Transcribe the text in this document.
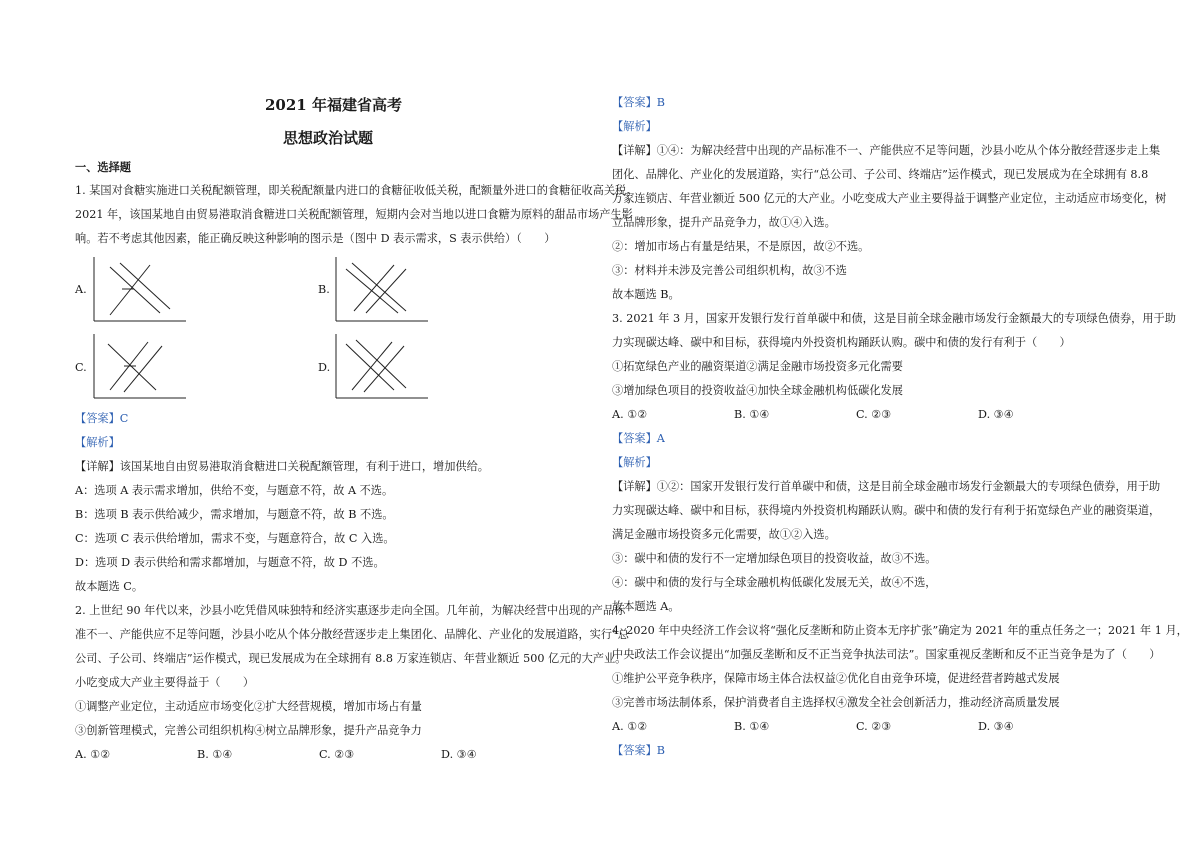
2021 年福建省高考
思想政治试题
一、选择题
1. 某国对食糖实施进口关税配额管理，即关税配额量内进口的食糖征收低关税，配额量外进口的食糖征收高关税。
2021 年，该国某地自由贸易港取消食糖进口关税配额管理，短期内会对当地以进口食糖为原料的甜品市场产生影
响。若不考虑其他因素，能正确反映这种影响的图示是（图中 D 表示需求，S 表示供给）（　　）
A.	B.
C.	D.
【答案】C
【解析】
【详解】该国某地自由贸易港取消食糖进口关税配额管理，有利于进口，增加供给。
A：选项 A 表示需求增加，供给不变，与题意不符，故 A 不选。
B：选项 B 表示供给减少，需求增加，与题意不符，故 B 不选。
C：选项 C 表示供给增加，需求不变，与题意符合，故 C 入选。
D：选项 D 表示供给和需求都增加，与题意不符，故 D 不选。
故本题选 C。
2. 上世纪 90 年代以来，沙县小吃凭借风味独特和经济实惠逐步走向全国。几年前，为解决经营中出现的产品标
准不一、产能供应不足等问题，沙县小吃从个体分散经营逐步走上集团化、品牌化、产业化的发展道路，实行“总
公司、子公司、终端店”运作模式，现已发展成为在全球拥有 8.8 万家连锁店、年营业额近 500 亿元的大产业。
小吃变成大产业主要得益于（　　）
①调整产业定位，主动适应市场变化②扩大经营规模，增加市场占有量
③创新管理模式，完善公司组织机构④树立品牌形象，提升产品竞争力
A. ①②	B. ①④	C. ②③	D. ③④
【答案】B
【解析】
【详解】①④：为解决经营中出现的产品标准不一、产能供应不足等问题，沙县小吃从个体分散经营逐步走上集
团化、品牌化、产业化的发展道路，实行“总公司、子公司、终端店”运作模式，现已发展成为在全球拥有 8.8
万家连锁店、年营业额近 500 亿元的大产业。小吃变成大产业主要得益于调整产业定位，主动适应市场变化，树
立品牌形象，提升产品竞争力，故①④入选。
②：增加市场占有量是结果，不是原因，故②不选。
③：材料并未涉及完善公司组织机构，故③不选
故本题选 B。
3. 2021 年 3 月，国家开发银行发行首单碳中和债，这是目前全球金融市场发行金额最大的专项绿色债券，用于助
力实现碳达峰、碳中和目标，获得境内外投资机构踊跃认购。碳中和债的发行有利于（　　）
①拓宽绿色产业的融资渠道②满足金融市场投资多元化需要
③增加绿色项目的投资收益④加快全球金融机构低碳化发展
A. ①②	B. ①④	C. ②③	D. ③④
【答案】A
【解析】
【详解】①②：国家开发银行发行首单碳中和债，这是目前全球金融市场发行金额最大的专项绿色债券，用于助
力实现碳达峰、碳中和目标，获得境内外投资机构踊跃认购。碳中和债的发行有利于拓宽绿色产业的融资渠道，
满足金融市场投资多元化需要，故①②入选。
③：碳中和债的发行不一定增加绿色项目的投资收益，故③不选。
④：碳中和债的发行与全球金融机构低碳化发展无关，故④不选，
故本题选 A。
4. 2020 年中央经济工作会议将“强化反垄断和防止资本无序扩张”确定为 2021 年的重点任务之一；2021 年 1 月，
中央政法工作会议提出“加强反垄断和反不正当竞争执法司法”。国家重视反垄断和反不正当竞争是为了（　　）
①维护公平竞争秩序，保障市场主体合法权益②优化自由竞争环境，促进经营者跨越式发展
③完善市场法制体系，保护消费者自主选择权④激发全社会创新活力，推动经济高质量发展
A. ①②	B. ①④	C. ②③	D. ③④
【答案】B
